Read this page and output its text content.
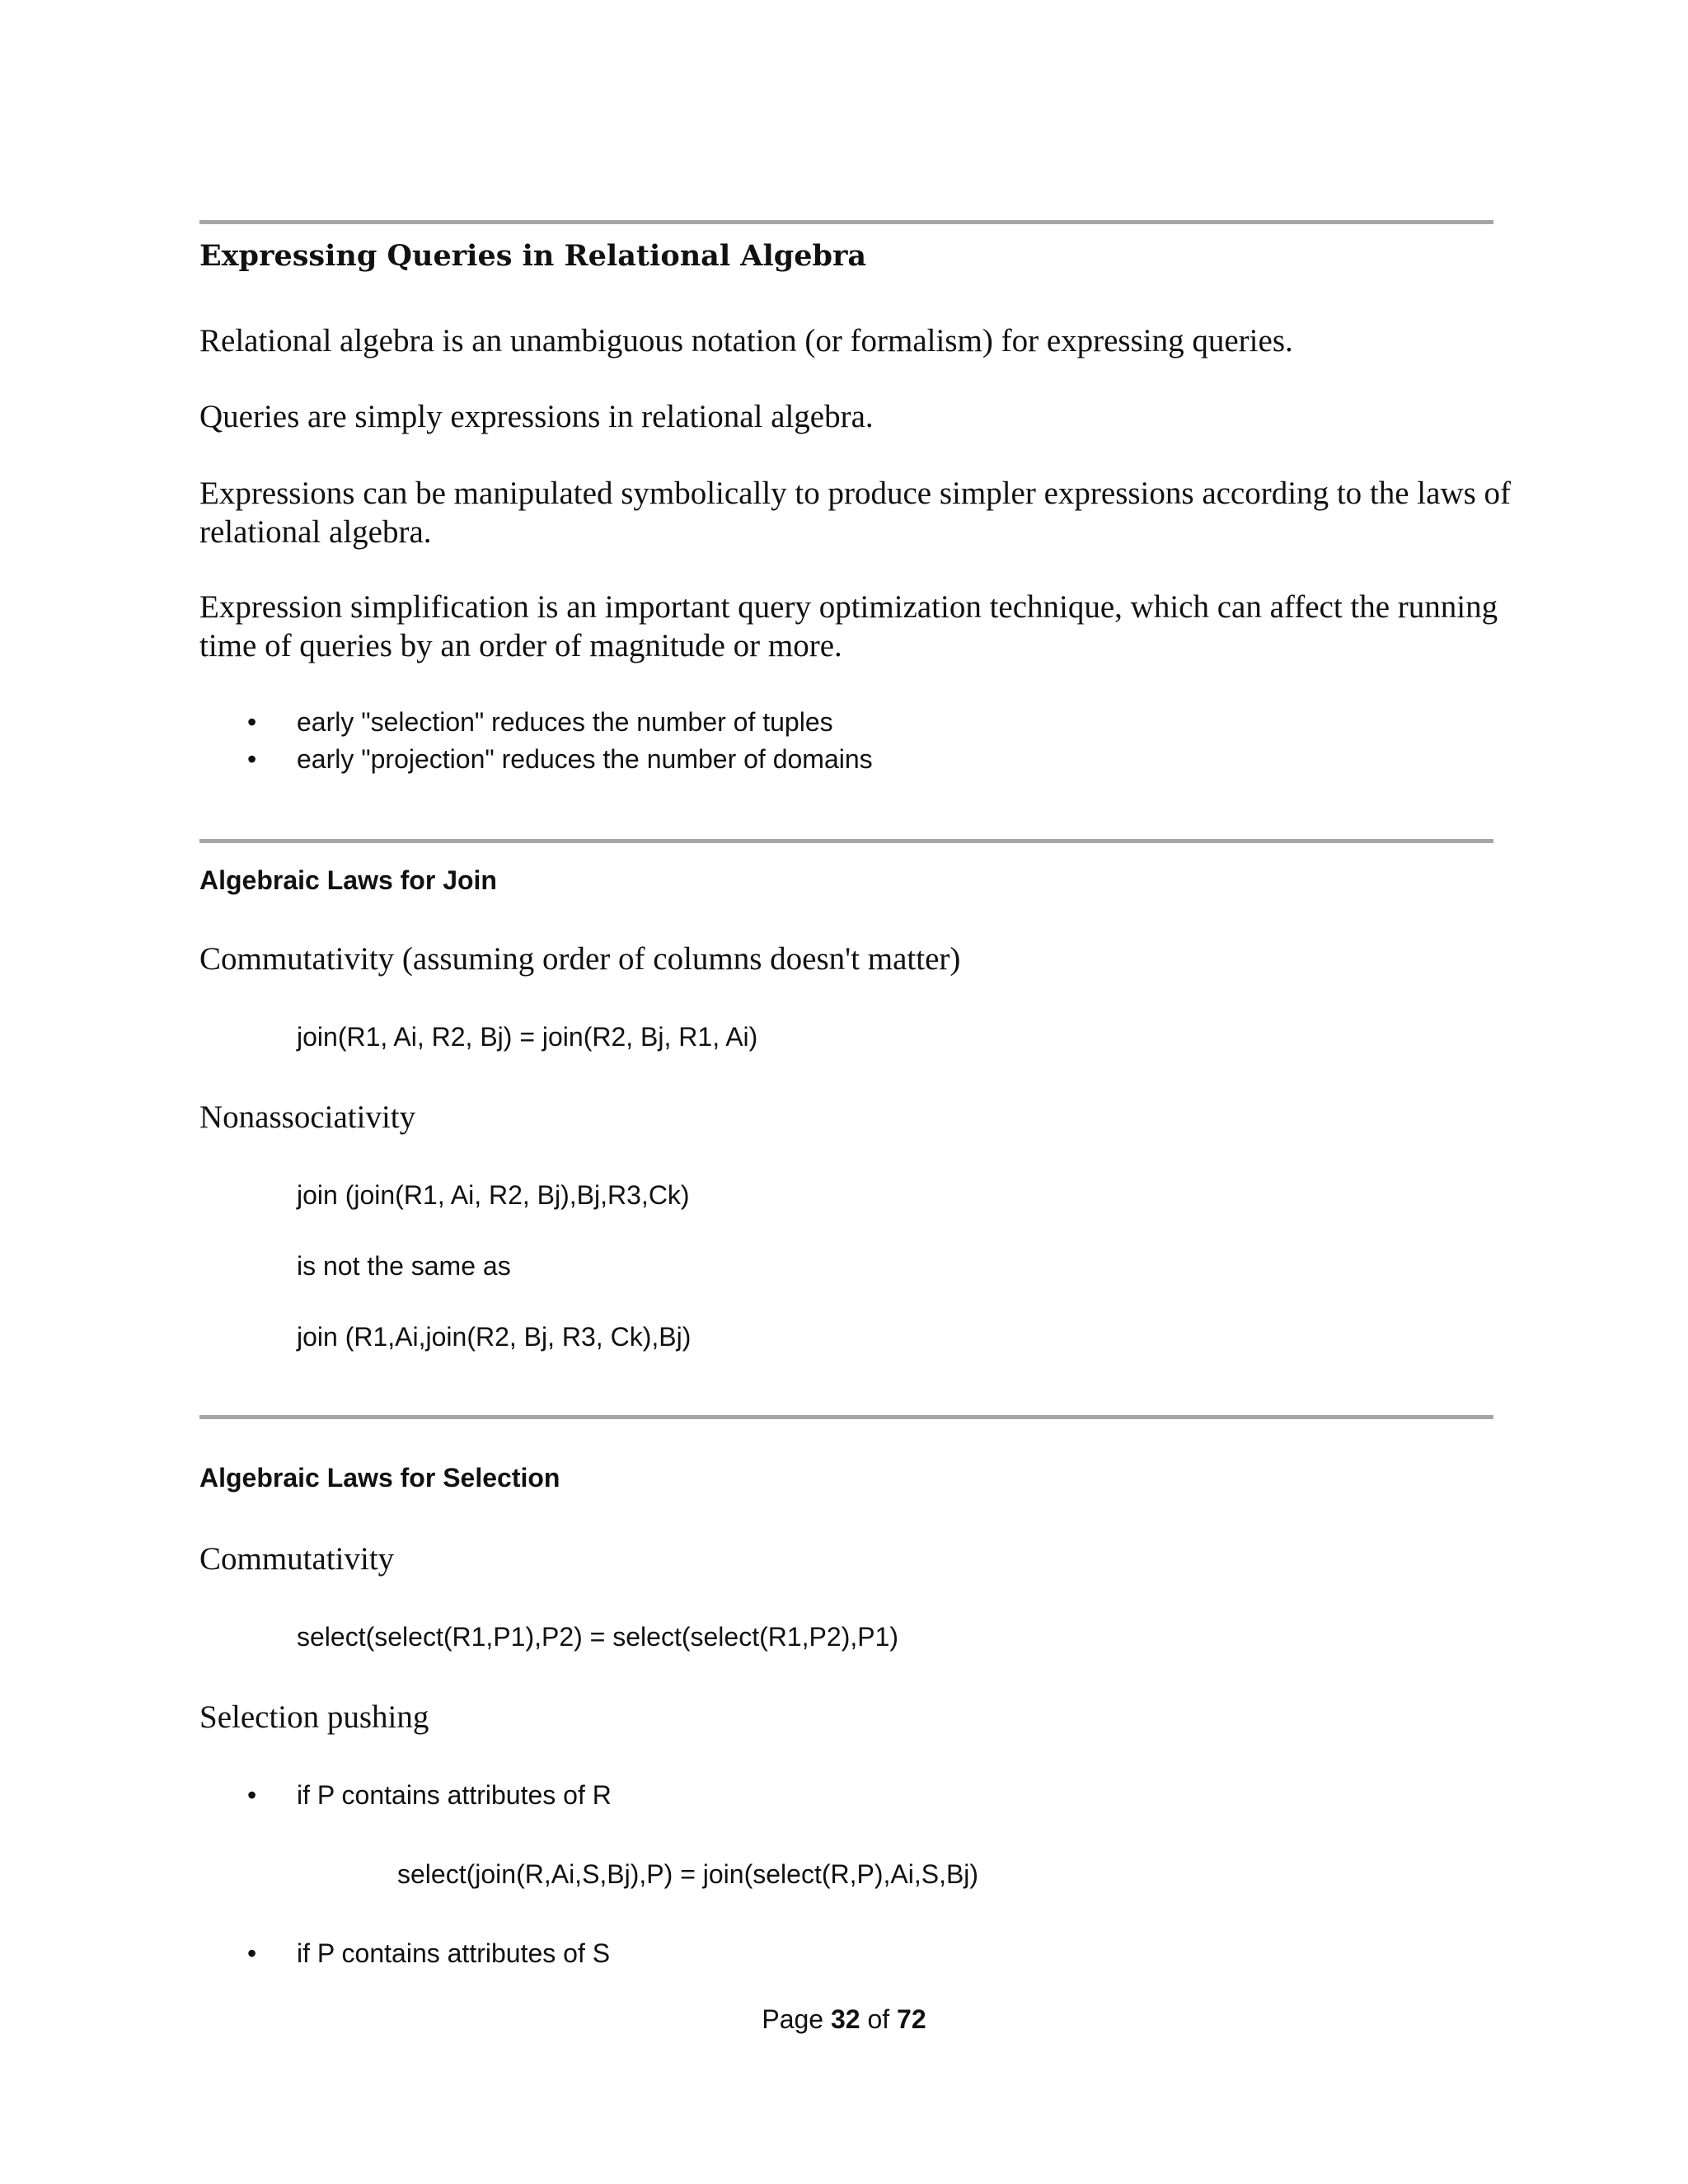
Expressing Queries in Relational Algebra
Relational algebra is an unambiguous notation (or formalism) for expressing queries.
Queries are simply expressions in relational algebra.
Expressions can be manipulated symbolically to produce simpler expressions according to the laws of relational algebra.
Expression simplification is an important query optimization technique, which can affect the running time of queries by an order of magnitude or more.
• early "selection" reduces the number of tuples
• early "projection" reduces the number of domains
Algebraic Laws for Join
Commutativity (assuming order of columns doesn't matter)
join(R1, Ai, R2, Bj) = join(R2, Bj, R1, Ai)
Nonassociativity
join (join(R1, Ai, R2, Bj),Bj,R3,Ck)
is not the same as
join (R1,Ai,join(R2, Bj, R3, Ck),Bj)
Algebraic Laws for Selection
Commutativity
select(select(R1,P1),P2) = select(select(R1,P2),P1)
Selection pushing
• if P contains attributes of R
select(join(R,Ai,S,Bj),P) = join(select(R,P),Ai,S,Bj)
• if P contains attributes of S
Page 32 of 72
